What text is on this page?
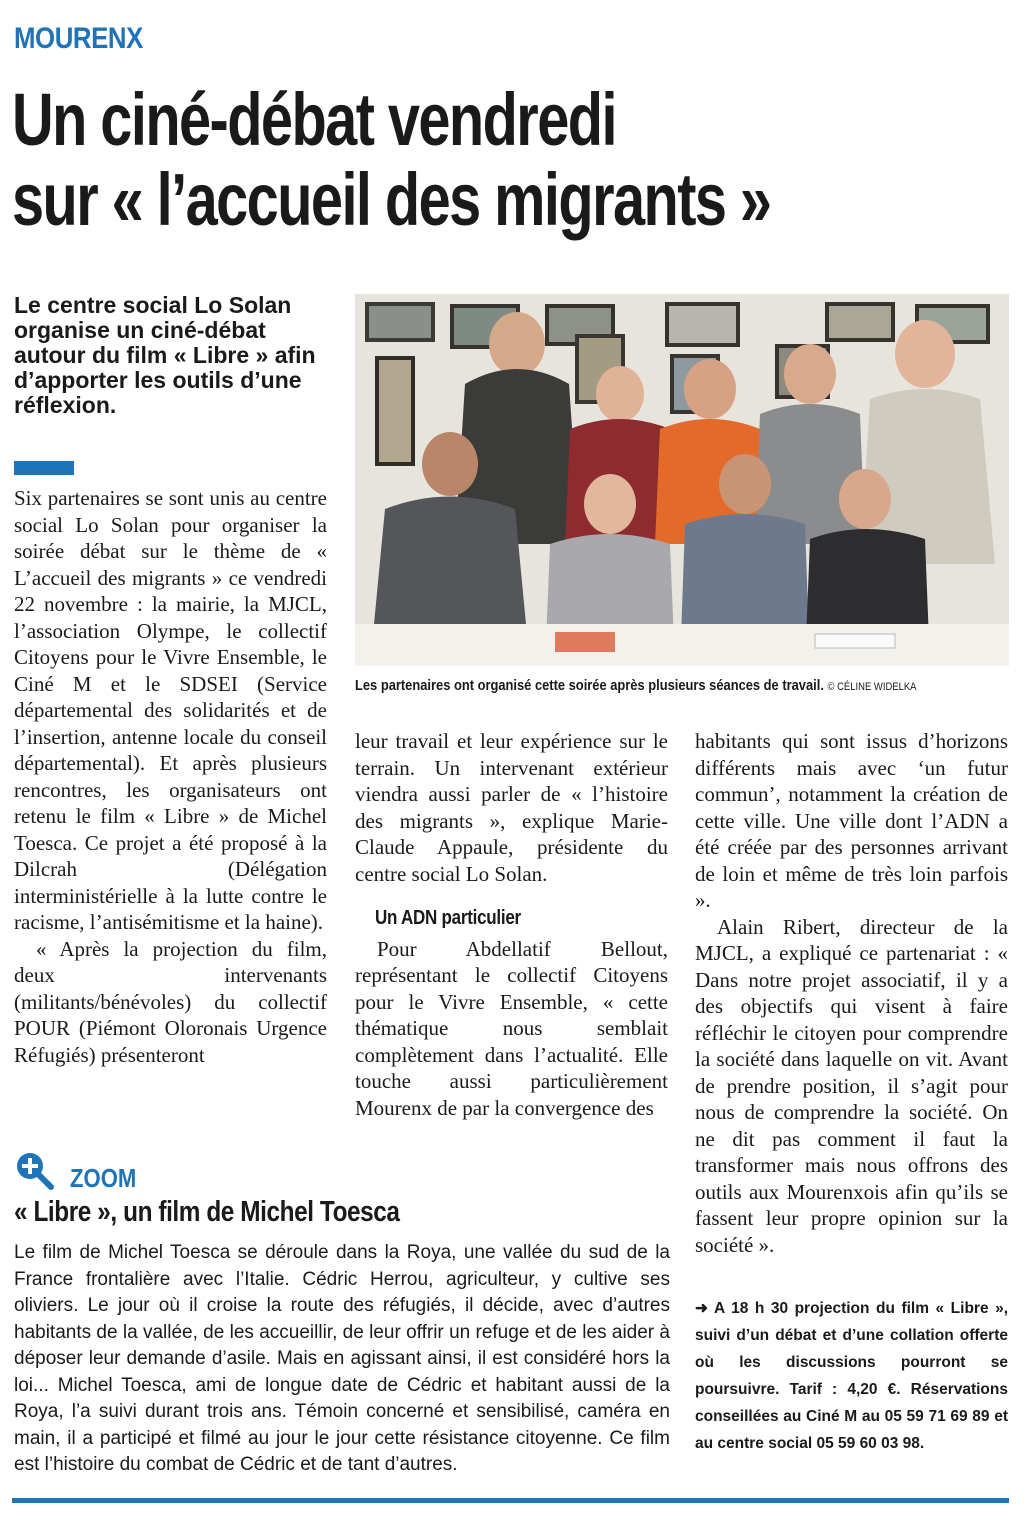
MOURENX
Un ciné-débat vendredi
sur « l’accueil des migrants »
Le centre social Lo Solan organise un ciné-débat autour du film « Libre » afin d’apporter les outils d’une réflexion.

Six partenaires se sont unis au centre social Lo Solan pour organiser la soirée débat sur le thème de « L’accueil des migrants » ce vendredi 22 novembre : la mairie, la MJCL, l’association Olympe, le collectif Citoyens pour le Vivre Ensemble, le Ciné M et le SDSEI (Service départemental des solidarités et de l’insertion, antenne locale du conseil départemental). Et après plusieurs rencontres, les organisateurs ont retenu le film « Libre » de Michel Toesca. Ce projet a été proposé à la Dilcrah (Délégation interministérielle à la lutte contre le racisme, l’antisémitisme et la haine).

« Après la projection du film, deux intervenants (militants/bénévoles) du collectif POUR (Piémont Oloronais Urgence Réfugiés) présenteront

Les partenaires ont organisé cette soirée après plusieurs séances de travail. © CÉLINE WIDELKA

leur travail et leur expérience sur le terrain. Un intervenant extérieur viendra aussi parler de « l’histoire des migrants », explique Marie-Claude Appaule, présidente du centre social Lo Solan.

Un ADN particulier

Pour Abdellatif Bellout, représentant le collectif Citoyens pour le Vivre Ensemble, « cette thématique nous semblait complètement dans l’actualité. Elle touche aussi particulièrement Mourenx de par la convergence des

habitants qui sont issus d’horizons différents mais avec ‘un futur commun’, notamment la création de cette ville. Une ville dont l’ADN a été créée par des personnes arrivant de loin et même de très loin parfois ».

Alain Ribert, directeur de la MJCL, a expliqué ce partenariat : « Dans notre projet associatif, il y a des objectifs qui visent à faire réfléchir le citoyen pour comprendre la société dans laquelle on vit. Avant de prendre position, il s’agit pour nous de comprendre la société. On ne dit pas comment il faut la transformer mais nous offrons des outils aux Mourenxois afin qu’ils se fassent leur propre opinion sur la société ».

➜ A 18 h 30 projection du film « Libre », suivi d’un débat et d’une collation offerte où les discussions pourront se poursuivre. Tarif : 4,20 €. Réservations conseillées au Ciné M au 05 59 71 69 89 et au centre social 05 59 60 03 98.
ZOOM
« Libre », un film de Michel Toesca
Le film de Michel Toesca se déroule dans la Roya, une vallée du sud de la France frontalière avec l’Italie. Cédric Herrou, agriculteur, y cultive ses oliviers. Le jour où il croise la route des réfugiés, il décide, avec d’autres habitants de la vallée, de les accueillir, de leur offrir un refuge et de les aider à déposer leur demande d’asile. Mais en agissant ainsi, il est considéré hors la loi... Michel Toesca, ami de longue date de Cédric et habitant aussi de la Roya, l’a suivi durant trois ans. Témoin concerné et sensibilisé, caméra en main, il a participé et filmé au jour le jour cette résistance citoyenne. Ce film est l’histoire du combat de Cédric et de tant d’autres.
